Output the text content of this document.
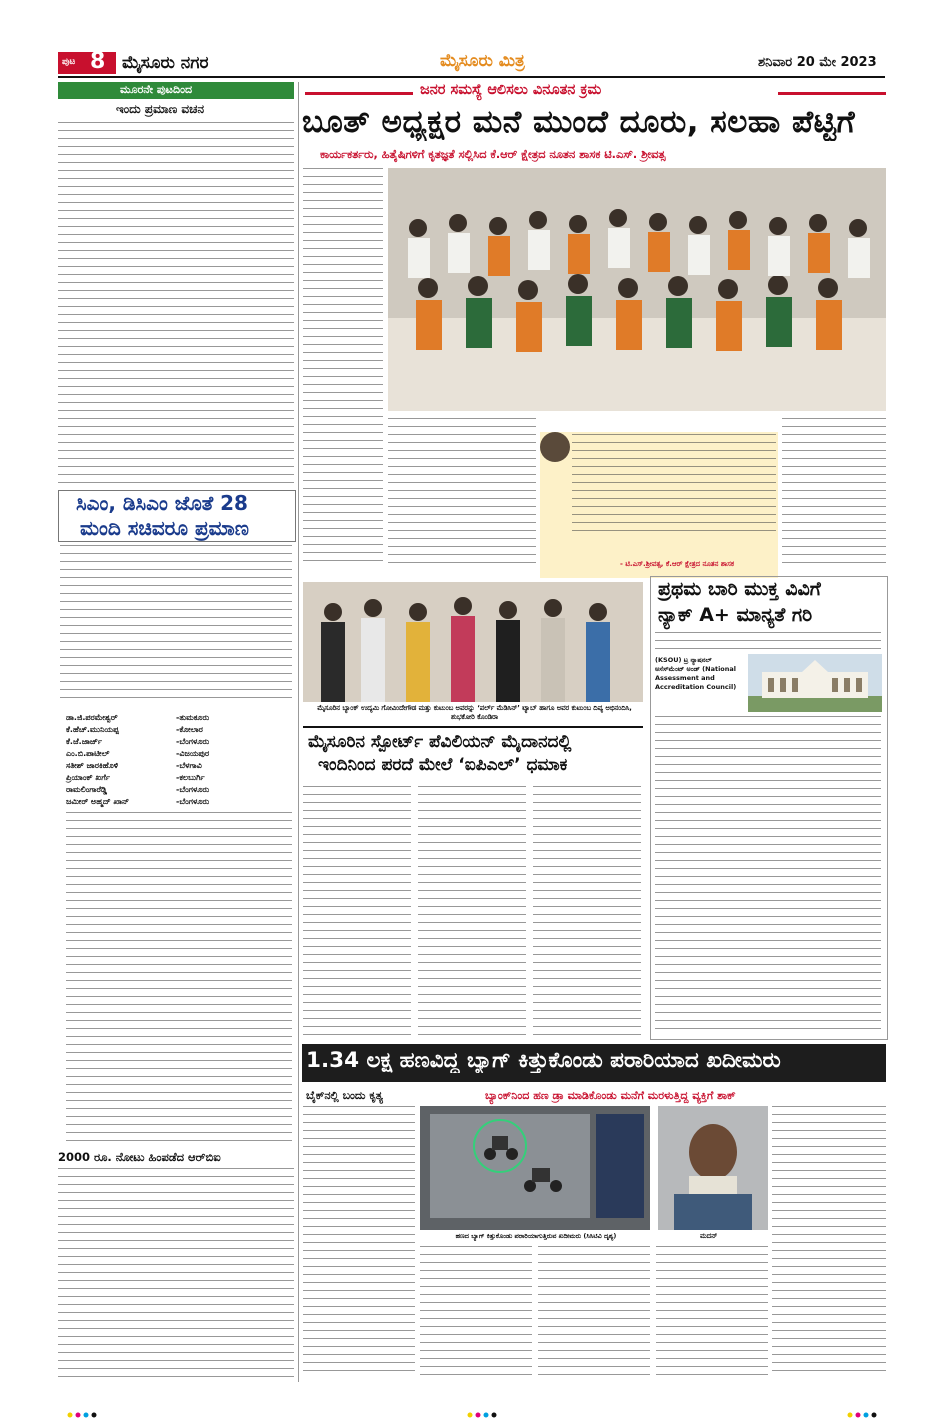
ಪುಟ 8 ಮೈಸೂರು ನಗರ	ಮೈಸೂರು ಮಿತ್ರ	ಶನಿವಾರ 20 ಮೇ 2023
ಮೂರನೇ ಪುಟದಿಂದ
ಇಂದು ಪ್ರಮಾಣ ವಚನ
ಸಿಎಂ, ಡಿಸಿಎಂ ಜೊತೆ 28
ಮಂದಿ ಸಚಿವರೂ ಪ್ರಮಾಣ
ಡಾ.ಜಿ.ಪರಮೇಶ್ವರ್	-ತುಮಕೂರು
ಕೆ.ಹೆಚ್.ಮುನಿಯಪ್ಪ	-ಕೋಲಾರ
ಕೆ.ಜೆ.ಜಾರ್ಜ್	-ಬೆಂಗಳೂರು
ಎಂ.ಬಿ.ಪಾಟೀಲ್	-ವಿಜಯಪುರ
ಸತೀಶ್ ಜಾರಕಿಹೊಳಿ	-ಬೆಳಗಾವಿ
ಪ್ರಿಯಾಂಕ್ ಖರ್ಗೆ	-ಕಲಬುರ್ಗಿ
ರಾಮಲಿಂಗಾರೆಡ್ಡಿ	-ಬೆಂಗಳೂರು
ಜಮೀರ್ ಅಹ್ಮದ್ ಖಾನ್	-ಬೆಂಗಳೂರು
2000 ರೂ. ನೋಟು ಹಿಂಪಡೆದ ಆರ್‌ಬಿಐ
ಜನರ ಸಮಸ್ಯೆ ಆಲಿಸಲು ವಿನೂತನ ಕ್ರಮ
ಬೂತ್ ಅಧ್ಯಕ್ಷರ ಮನೆ ಮುಂದೆ ದೂರು, ಸಲಹಾ ಪೆಟ್ಟಿಗೆ
ಕಾರ್ಯಕರ್ತರು, ಹಿತೈಷಿಗಳಿಗೆ ಕೃತಜ್ಞತೆ ಸಲ್ಲಿಸಿದ ಕೆ.ಆರ್ ಕ್ಷೇತ್ರದ ನೂತನ ಶಾಸಕ ಟಿ.ಎಸ್. ಶ್ರೀವತ್ಸ
- ಟಿ.ಎಸ್.ಶ್ರೀವತ್ಸ, ಕೆ.ಆರ್ ಕ್ಷೇತ್ರದ ನೂತನ ಶಾಸಕ
ಮೈಸೂರಿನ ಬ್ಯಾಂಕ್ ಉದ್ಯಮಿ ಗೋವಿಂದೇಗೌಡ ಮತ್ತು ಕುಟುಂಬ ಅವರನ್ನು ‘ಪರ್ಲ್ ಮೆಡಿಸಿನ್’ ಟ್ಯಾಬ್ ಹಾಗೂ ಅವರ ಕುಟುಂಬ ದಿವ್ಯ ಅಭಿನಂದಿಸಿ, ಶುಭಕೋರಿ ಕೊಂಡಿರಾ
ಮೈಸೂರಿನ ಸ್ಪೋರ್ಟ್ ಪೆವಿಲಿಯನ್ ಮೈದಾನದಲ್ಲಿ
ಇಂದಿನಿಂದ ಪರದೆ ಮೇಲೆ ‘ಐಪಿಎಲ್’ ಧಮಾಕ
ಪ್ರಥಮ ಬಾರಿ ಮುಕ್ತ ವಿವಿಗೆ
ನ್ಯಾಕ್ A+ ಮಾನ್ಯತೆ ಗರಿ
(KSOU) ಟ್ರ ನ್ಯಾಷನಲ್ ಅಸೆಸ್‌ಮೆಂಟ್ ಅಂಡ್ (National Assessment and Accreditation Council)
1.34 ಲಕ್ಷ ಹಣವಿದ್ದ ಬ್ಯಾಗ್ ಕಿತ್ತುಕೊಂಡು ಪರಾರಿಯಾದ ಖದೀಮರು
ಬೈಕ್‌ನಲ್ಲಿ ಬಂದು ಕೃತ್ಯ	ಬ್ಯಾಂಕ್‌ನಿಂದ ಹಣ ಡ್ರಾ ಮಾಡಿಕೊಂಡು ಮನೆಗೆ ಮರಳುತ್ತಿದ್ದ ವ್ಯಕ್ತಿಗೆ ಶಾಕ್
ಹಣದ ಬ್ಯಾಗ್ ಕಿತ್ತುಕೊಂಡು ಪರಾರಿಯಾಗುತ್ತಿರುವ ಖದೀಮರು (ಸಿಸಿಟಿವಿ ದೃಶ್ಯ)	ಮದನ್
